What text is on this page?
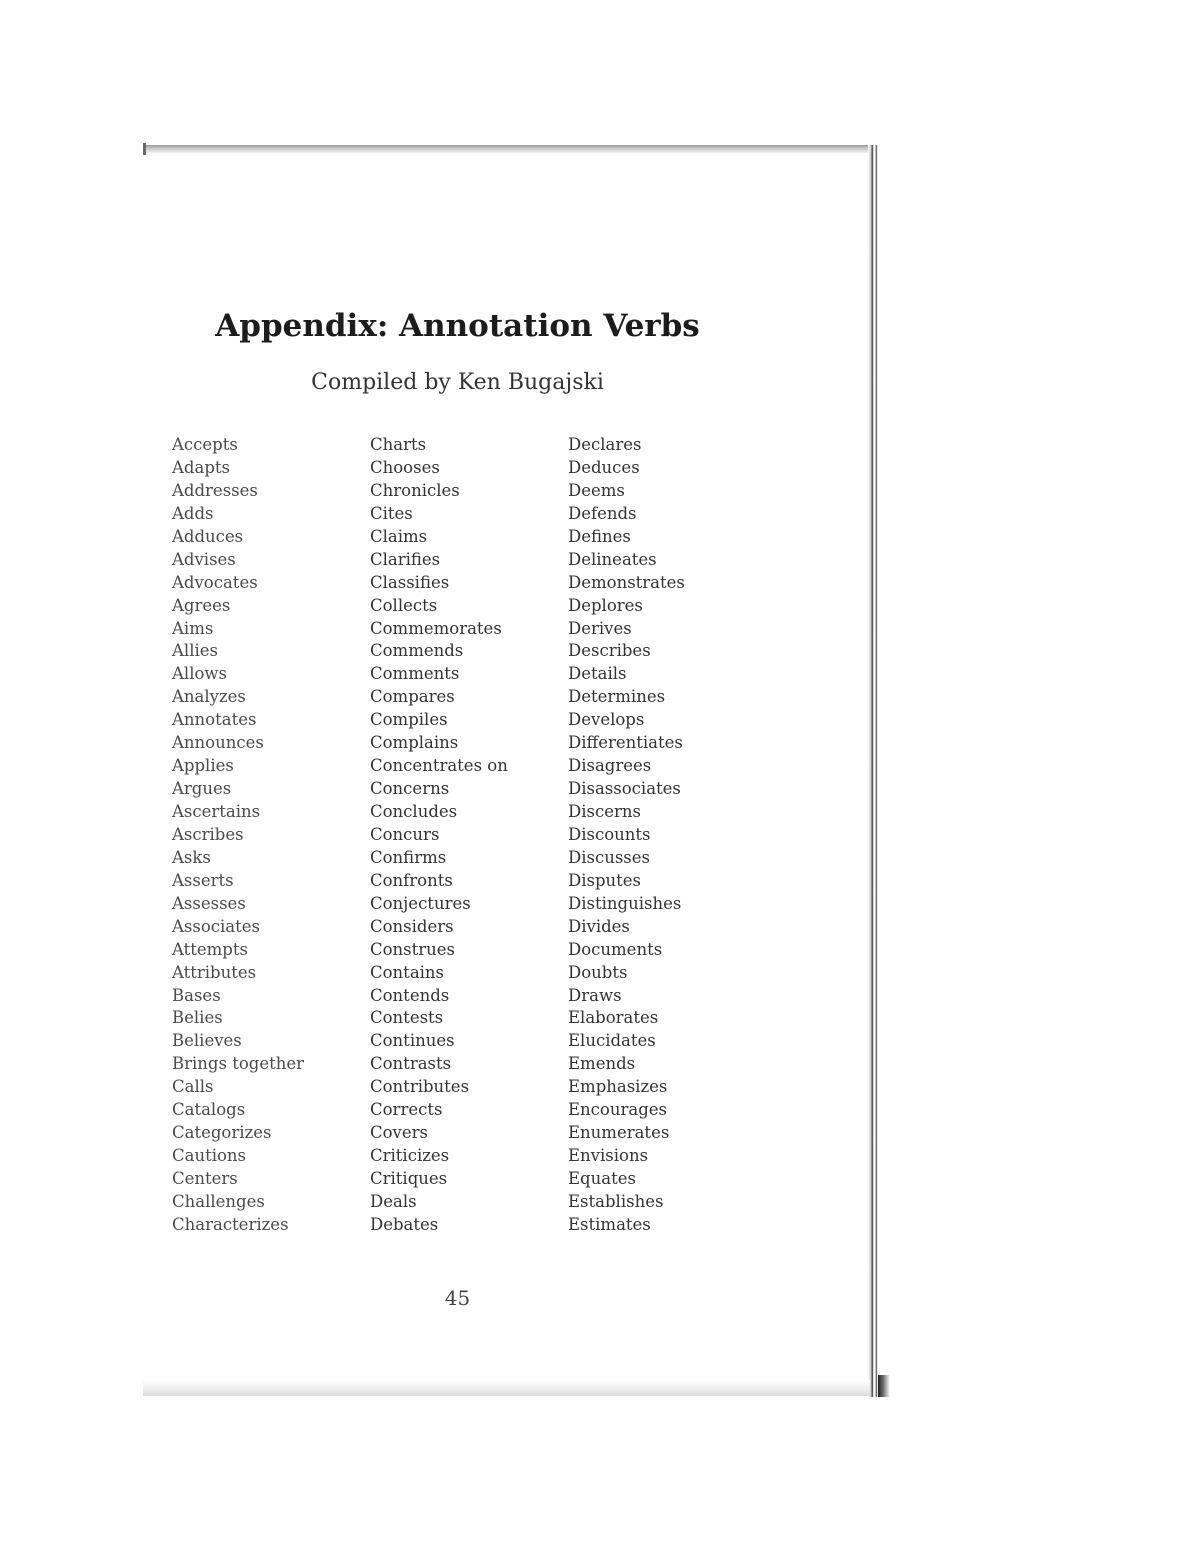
Appendix: Annotation Verbs

Compiled by Ken Bugajski

Accepts
Adapts
Addresses
Adds
Adduces
Advises
Advocates
Agrees
Aims
Allies
Allows
Analyzes
Annotates
Announces
Applies
Argues
Ascertains
Ascribes
Asks
Asserts
Assesses
Associates
Attempts
Attributes
Bases
Belies
Believes
Brings together
Calls
Catalogs
Categorizes
Cautions
Centers
Challenges
Characterizes
Charts
Chooses
Chronicles
Cites
Claims
Clarifies
Classifies
Collects
Commemorates
Commends
Comments
Compares
Compiles
Complains
Concentrates on
Concerns
Concludes
Concurs
Confirms
Confronts
Conjectures
Considers
Construes
Contains
Contends
Contests
Continues
Contrasts
Contributes
Corrects
Covers
Criticizes
Critiques
Deals
Debates
Declares
Deduces
Deems
Defends
Defines
Delineates
Demonstrates
Deplores
Derives
Describes
Details
Determines
Develops
Differentiates
Disagrees
Disassociates
Discerns
Discounts
Discusses
Disputes
Distinguishes
Divides
Documents
Doubts
Draws
Elaborates
Elucidates
Emends
Emphasizes
Encourages
Enumerates
Envisions
Equates
Establishes
Estimates
45
